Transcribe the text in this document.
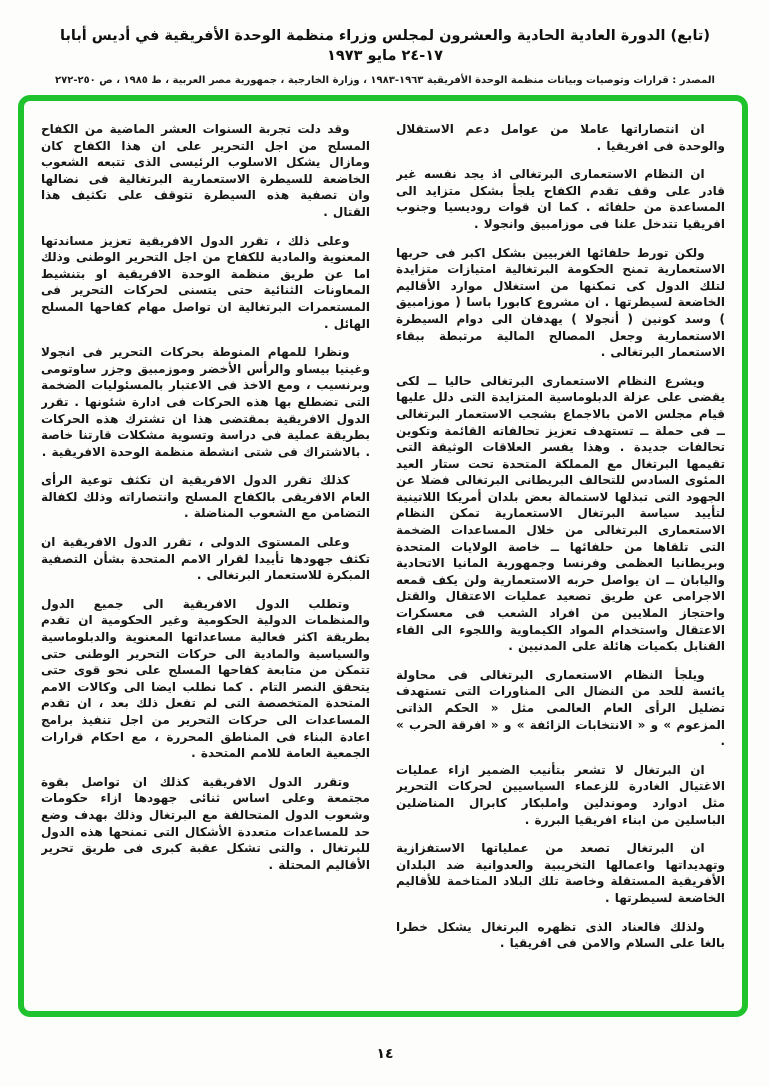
(تابع) الدورة العادية الحادية والعشرون لمجلس وزراء منظمة الوحدة الأفريقية في أديس أبابا ١٧-٢٤ مايو ١٩٧٣
المصدر : قرارات وتوصيات وبيانات منظمة الوحدة الأفريقية ١٩٦٣-١٩٨٣ ، وزارة الخارجية ، جمهورية مصر العربية ، ط ١٩٨٥ ، ص ٢٥٠-٢٧٢

ان انتصاراتها عاملا من عوامل دعم الاستقلال والوحدة فى افريقيا .

ان النظام الاستعمارى البرتغالى اذ يجد نفسه غير قادر على وقف تقدم الكفاح يلجأ بشكل متزايد الى المساعدة من حلفائه . كما ان قوات روديسيا وجنوب افريقيا تتدخل علنا فى موزامبيق وانجولا .

ولكن تورط حلفائها الغربيين بشكل اكبر فى حربها الاستعمارية تمنح الحكومة البرتغالية امتيازات متزايدة لتلك الدول كى تمكنها من استغلال موارد الأقاليم الخاضعة لسيطرتها . ان مشروع كابورا باسا ( موزامبيق ) وسد كونين ( أنجولا ) يهدفان الى دوام السيطرة الاستعمارية وجعل المصالح المالية مرتبطة ببقاء الاستعمار البرتغالى .

ويشرع النظام الاستعمارى البرتغالى حاليا ــ لكى يقضى على عزلة الدبلوماسية المتزايدة التى دلل عليها قيام مجلس الامن بالاجماع بشجب الاستعمار البرتغالى ــ فى حملة ــ تستهدف تعزيز تحالفاته القائمة وتكوين تحالفات جديدة . وهذا يفسر العلاقات الوثيقة التى تقيمها البرتغال مع المملكة المتحدة تحت ستار العيد المئوى السادس للتحالف البريطانى البرتغالى فضلا عن الجهود التى تبذلها لاستمالة بعض بلدان أمريكا اللاتينية لتأييد سياسة البرتغال الاستعمارية تمكن النظام الاستعمارى البرتغالى من خلال المساعدات الضخمة التى تلقاها من حلفائها ــ خاصة الولايات المتحدة وبريطانيا العظمى وفرنسا وجمهورية المانيا الاتحادية واليابان ــ ان يواصل حربه الاستعمارية ولن يكف قمعه الاجرامى عن طريق تصعيد عمليات الاعتقال والقتل واحتجاز الملايين من افراد الشعب فى معسكرات الاعتقال واستخدام المواد الكيماوية واللجوء الى القاء القنابل بكميات هائلة على المدنيين .

ويلجأ النظام الاستعمارى البرتغالى فى محاولة يائسة للحد من النضال الى المناورات التى تستهدف تضليل الرأى العام العالمى مثل « الحكم الذاتى المزعوم » و « الانتخابات الزائفة » و « افرقة الحرب » .

ان البرتغال لا تشعر بتأنيب الضمير ازاء عمليات الاغتيال الغادرة للزعماء السياسيين لحركات التحرير مثل ادوارد وموندلين واملبكار كابرال المناضلين الباسلين من ابناء افريقيا البررة .

ان البرتغال تصعد من عملياتها الاستفزازية وتهديداتها واعمالها التخريبية والعدوانية ضد البلدان الأفريقية المستقلة وخاصة تلك البلاد المتاخمة للأقاليم الخاضعة لسيطرتها .

ولذلك فالعناد الذى تظهره البرتغال يشكل خطرا بالغا على السلام والامن فى افريقيا .

وقد دلت تجربة السنوات العشر الماضية من الكفاح المسلح من اجل التحرير على ان هذا الكفاح كان ومازال يشكل الاسلوب الرئيسى الذى تتبعه الشعوب الخاضعة للسيطرة الاستعمارية البرتغالية فى نضالها وان تصفية هذه السيطرة تتوقف على تكثيف هذا القتال .

وعلى ذلك ، تقرر الدول الافريقية تعزيز مساندتها المعنوية والمادية للكفاح من اجل التحرير الوطنى وذلك اما عن طريق منظمة الوحدة الافريقية او بتنشيط المعاونات الثنائية حتى يتسنى لحركات التحرير فى المستعمرات البرتغالية ان تواصل مهام كفاحها المسلح الهائل .

ونظرا للمهام المنوطة بحركات التحرير فى انجولا وغينيا بيساو والرأس الأخضر وموزمبيق وجزر ساوتومى وبرنسيب ، ومع الاخذ فى الاعتبار بالمسئوليات الضخمة التى تضطلع بها هذه الحركات فى ادارة شئونها . تقرر الدول الافريقية بمقتضى هذا ان تشترك هذه الحركات بطريقة عملية فى دراسة وتسوية مشكلات قارتنا خاصة . بالاشتراك فى شتى انشطة منظمة الوحدة الافريقية .

كذلك تقرر الدول الافريقية ان تكثف توعية الرأى العام الافريقى بالكفاح المسلح وانتصاراته وذلك لكفالة التضامن مع الشعوب المناضلة .

وعلى المستوى الدولى ، تقرر الدول الافريقية ان تكثف جهودها تأييدا لقرار الامم المتحدة بشأن التصفية المبكرة للاستعمار البرتغالى .

وتطلب الدول الافريقية الى جميع الدول والمنظمات الدولية الحكومية وغير الحكومية ان تقدم بطريقة اكثر فعالية مساعداتها المعنوية والدبلوماسية والسياسية والمادية الى حركات التحرير الوطنى حتى تتمكن من متابعة كفاحها المسلح على نحو قوى حتى يتحقق النصر التام . كما نطلب ايضا الى وكالات الامم المتحدة المتخصصة التى لم تفعل ذلك بعد ، ان تقدم المساعدات الى حركات التحرير من اجل تنفيذ برامج اعادة البناء فى المناطق المحررة ، مع احكام قرارات الجمعية العامة للامم المتحدة .

وتقرر الدول الافريقية كذلك ان تواصل بقوة مجتمعة وعلى اساس ثنائى جهودها ازاء حكومات وشعوب الدول المتحالفة مع البرتغال وذلك بهدف وضع حد للمساعدات متعددة الأشكال التى تمنحها هذه الدول للبرتغال . والتى تشكل عقبة كبرى فى طريق تحرير الأقاليم المحتلة .

١٤
